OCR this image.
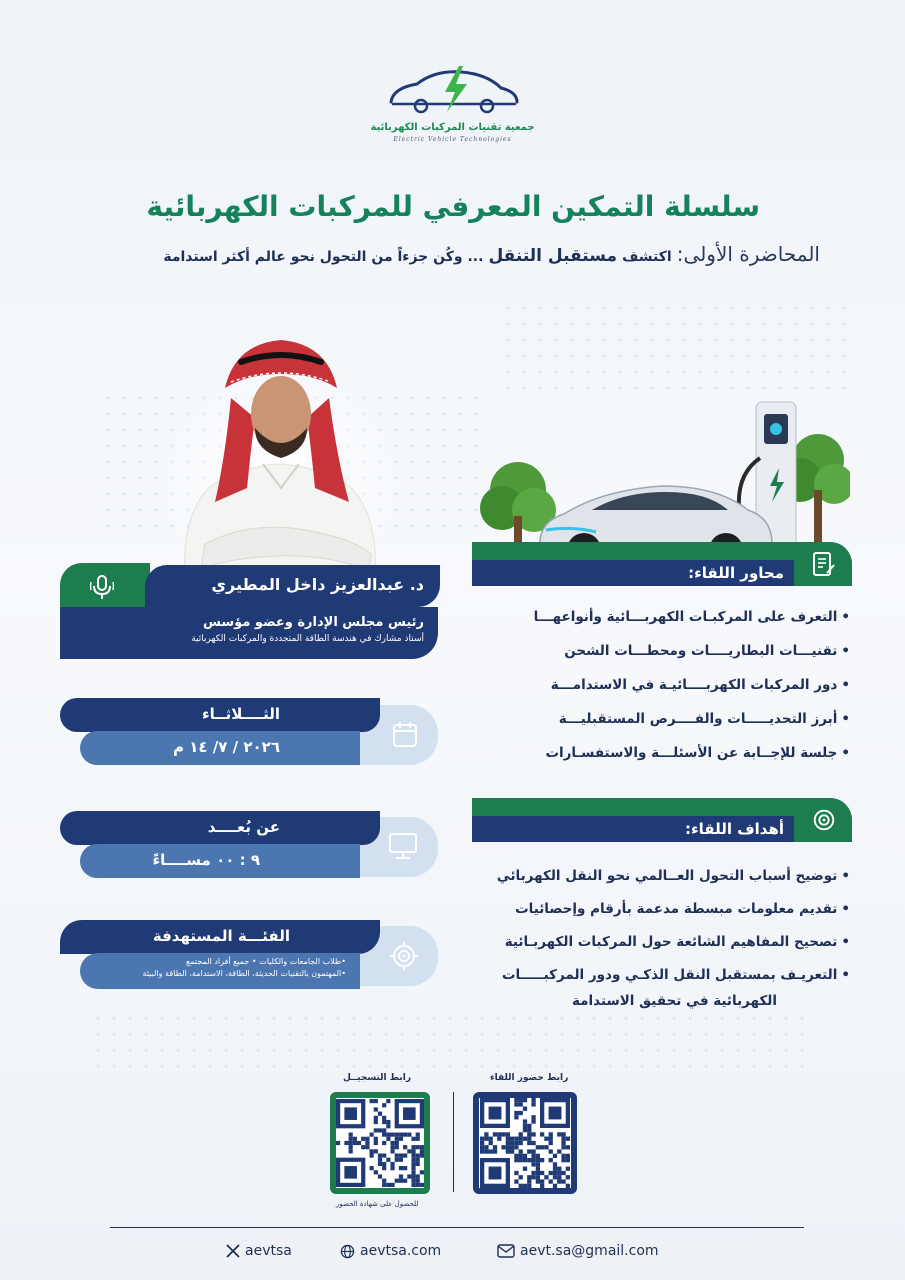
جمعية تقنيات المركبات الكهربائية
Electric Vehicle Technologies
سلسلة التمكين المعرفي للمركبات الكهربائية
المحاضرة الأولى: اكتشف مستقبل التنقل ... وكُن جزءاً من التحول نحو عالم أكثر استدامة
د. عبدالعزيز داخل المطيري
رئيس مجلس الإدارة وعضو مؤسس
أستاذ مشارك في هندسة الطاقة المتجددة والمركبات الكهربائية
الثــــلاثــاء
٢٠٢٦ / ٧/ ١٤ م
عن بُعــــد
٩ : ٠٠ مســــاءً
الفئـــة المستهدفة
•طلاب الجامعات والكليات • جميع أفراد المجتمع
•المهتمون بالتقنيات الحديثة، الطاقة، الاستدامة، الطاقة والبيئة
محاور اللقاء:
• التعرف على المركبـات الكهربـــائية وأنواعهـــا
• تقنيـــات البطاريــــات ومحطـــات الشحن
• دور المركبات الكهربــــائيـة في الاستدامـــة
• أبرز التحديـــــات والفــــرص المستقبليـــة
• جلسة للإجــابة عن الأسئلـــة والاستفسـارات
أهداف اللقاء:
• توضيح أسباب التحول العــالمي نحو النقل الكهربائي
• تقديم معلومات مبسطة مدعمة بأرقام وإحصائيات
• تصحيح المفاهيم الشائعة حول المركبات الكهربـائية
• التعريـف بمستقبل النقل الذكـي ودور المركبـــــات
الكهربائية في تحقيق الاستدامة
رابط التسجيــل	رابط حضور اللقاء
للحصول على شهادة الحضور
aevtsa	aevtsa.com	aevt.sa@gmail.com
